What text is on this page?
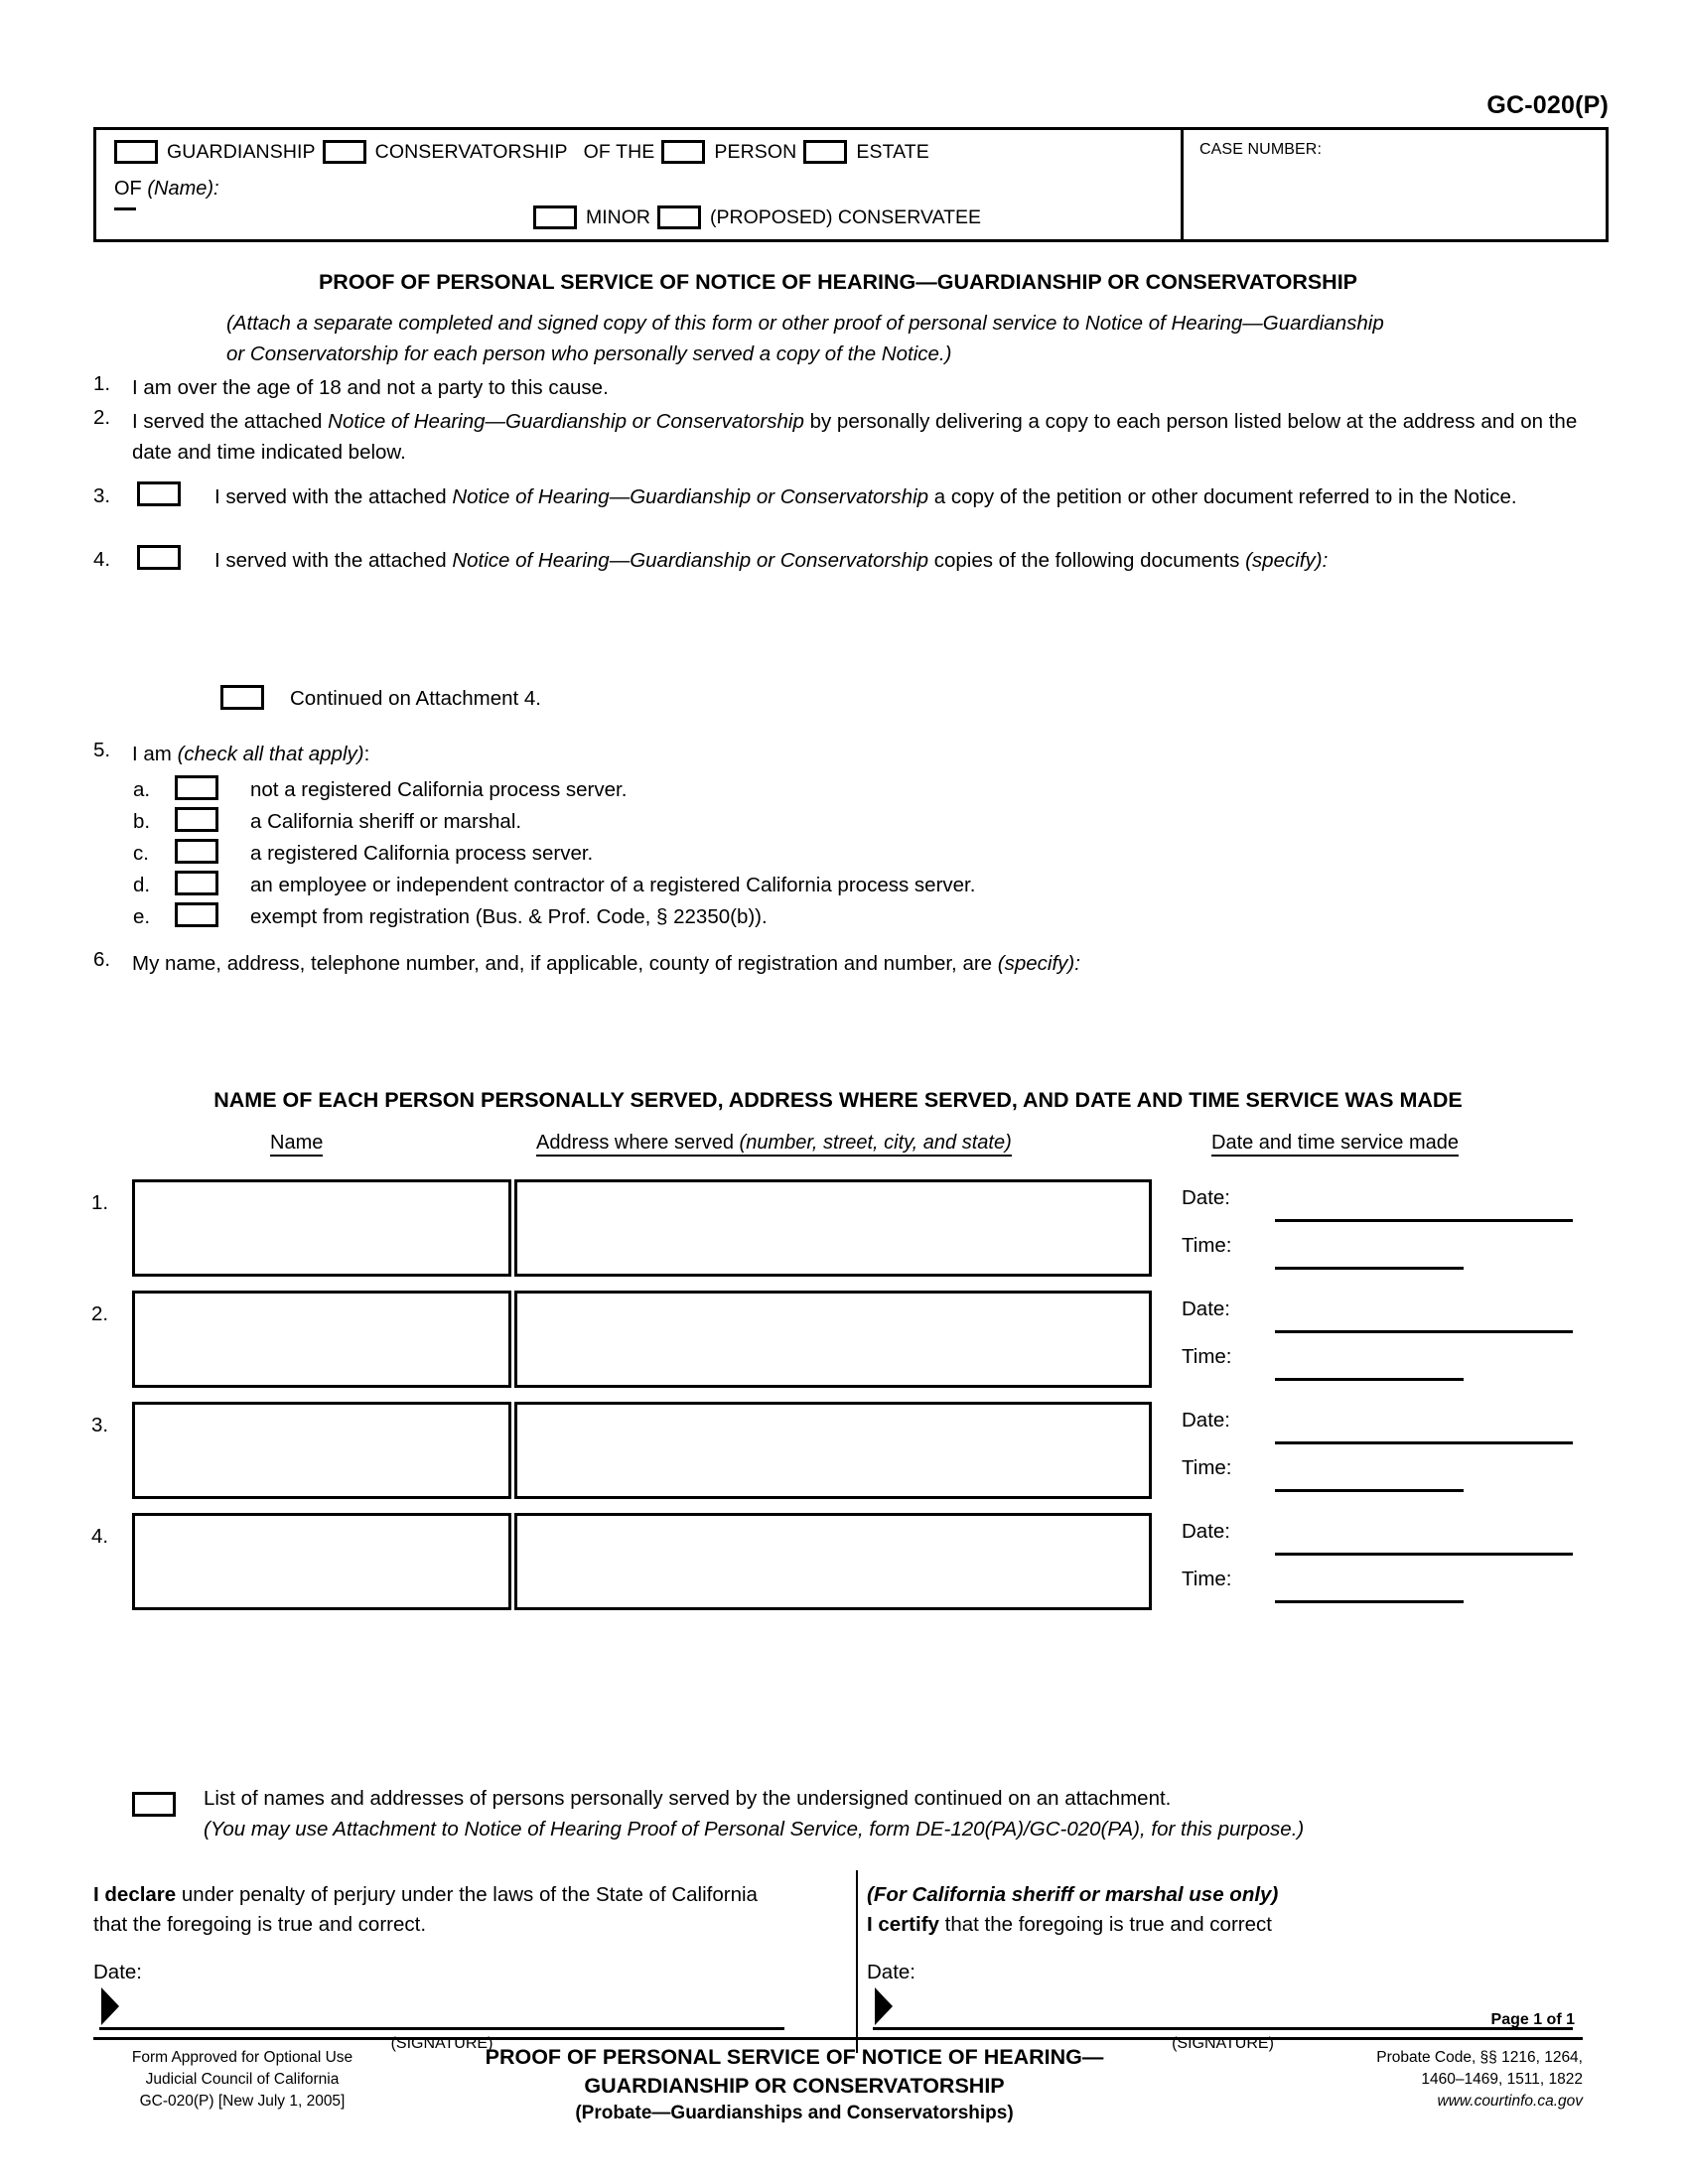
GC-020(P)
GUARDIANSHIP	CONSERVATORSHIP OF THE	PERSON	ESTATE
OF (Name):
MINOR	(PROPOSED) CONSERVATEE
CASE NUMBER:
PROOF OF PERSONAL SERVICE OF NOTICE OF HEARING—GUARDIANSHIP OR CONSERVATORSHIP
(Attach a separate completed and signed copy of this form or other proof of personal service to Notice of Hearing—Guardianship or Conservatorship for each person who personally served a copy of the Notice.)
1. I am over the age of 18 and not a party to this cause.
2. I served the attached Notice of Hearing—Guardianship or Conservatorship by personally delivering a copy to each person listed below at the address and on the date and time indicated below.
3.	I served with the attached Notice of Hearing—Guardianship or Conservatorship a copy of the petition or other document referred to in the Notice.
4.	I served with the attached Notice of Hearing—Guardianship or Conservatorship copies of the following documents (specify):
Continued on Attachment 4.
5. I am (check all that apply):
a.	not a registered California process server.
b.	a California sheriff or marshal.
c.	a registered California process server.
d.	an employee or independent contractor of a registered California process server.
e.	exempt from registration (Bus. & Prof. Code, § 22350(b)).
6. My name, address, telephone number, and, if applicable, county of registration and number, are (specify):
NAME OF EACH PERSON PERSONALLY SERVED, ADDRESS WHERE SERVED, AND DATE AND TIME SERVICE WAS MADE
Name	Address where served (number, street, city, and state)	Date and time service made
1.	Date:
Time:
2.	Date:
Time:
3.	Date:
Time:
4.	Date:
Time:
List of names and addresses of persons personally served by the undersigned continued on an attachment.
(You may use Attachment to Notice of Hearing Proof of Personal Service, form DE-120(PA)/GC-020(PA), for this purpose.)
I declare under penalty of perjury under the laws of the State of California that the foregoing is true and correct.
(For California sheriff or marshal use only)
I certify that the foregoing is true and correct
Date:	Date:
(SIGNATURE)	(SIGNATURE)
Page 1 of 1
Form Approved for Optional Use
Judicial Council of California
GC-020(P) [New July 1, 2005]
PROOF OF PERSONAL SERVICE OF NOTICE OF HEARING—
GUARDIANSHIP OR CONSERVATORSHIP
(Probate—Guardianships and Conservatorships)
Probate Code, §§ 1216, 1264,
1460–1469, 1511, 1822
www.courtinfo.ca.gov
